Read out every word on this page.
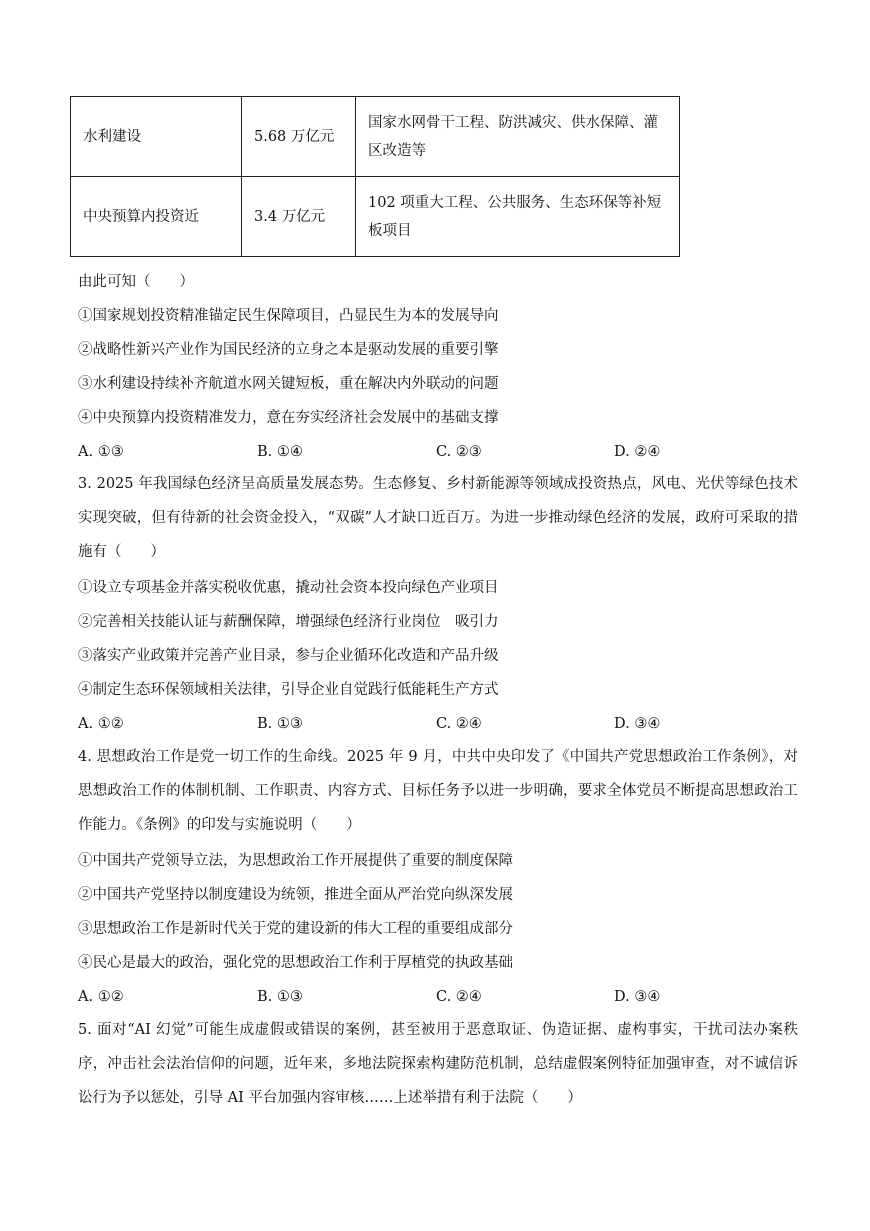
水利建设	5.68 万亿元	国家水网骨干工程、防洪减灾、供水保障、灌区改造等
中央预算内投资近	3.4 万亿元	102 项重大工程、公共服务、生态环保等补短板项目
由此可知（　　）
①国家规划投资精准锚定民生保障项目，凸显民生为本的发展导向
②战略性新兴产业作为国民经济的立身之本是驱动发展的重要引擎
③水利建设持续补齐航道水网关键短板，重在解决内外联动的问题
④中央预算内投资精准发力，意在夯实经济社会发展中的基础支撑
A. ①③	B. ①④	C. ②③	D. ②④
3. 2025 年我国绿色经济呈高质量发展态势。生态修复、乡村新能源等领域成投资热点，风电、光伏等绿色技术实现突破，但有待新的社会资金投入，“双碳”人才缺口近百万。为进一步推动绿色经济的发展，政府可采取的措施有（　　）
①设立专项基金并落实税收优惠，撬动社会资本投向绿色产业项目
②完善相关技能认证与薪酬保障，增强绿色经济行业岗位　吸引力
③落实产业政策并完善产业目录，参与企业循环化改造和产品升级
④制定生态环保领域相关法律，引导企业自觉践行低能耗生产方式
A. ①②	B. ①③	C. ②④	D. ③④
4. 思想政治工作是党一切工作的生命线。2025 年 9 月，中共中央印发了《中国共产党思想政治工作条例》，对思想政治工作的体制机制、工作职责、内容方式、目标任务予以进一步明确，要求全体党员不断提高思想政治工作能力。《条例》的印发与实施说明（　　）
①中国共产党领导立法，为思想政治工作开展提供了重要的制度保障
②中国共产党坚持以制度建设为统领，推进全面从严治党向纵深发展
③思想政治工作是新时代关于党的建设新的伟大工程的重要组成部分
④民心是最大的政治，强化党的思想政治工作利于厚植党的执政基础
A. ①②	B. ①③	C. ②④	D. ③④
5. 面对“AI 幻觉”可能生成虚假或错误的案例，甚至被用于恶意取证、伪造证据、虚构事实，干扰司法办案秩序，冲击社会法治信仰的问题，近年来，多地法院探索构建防范机制，总结虚假案例特征加强审查，对不诚信诉讼行为予以惩处，引导 AI 平台加强内容审核……上述举措有利于法院（　　）
